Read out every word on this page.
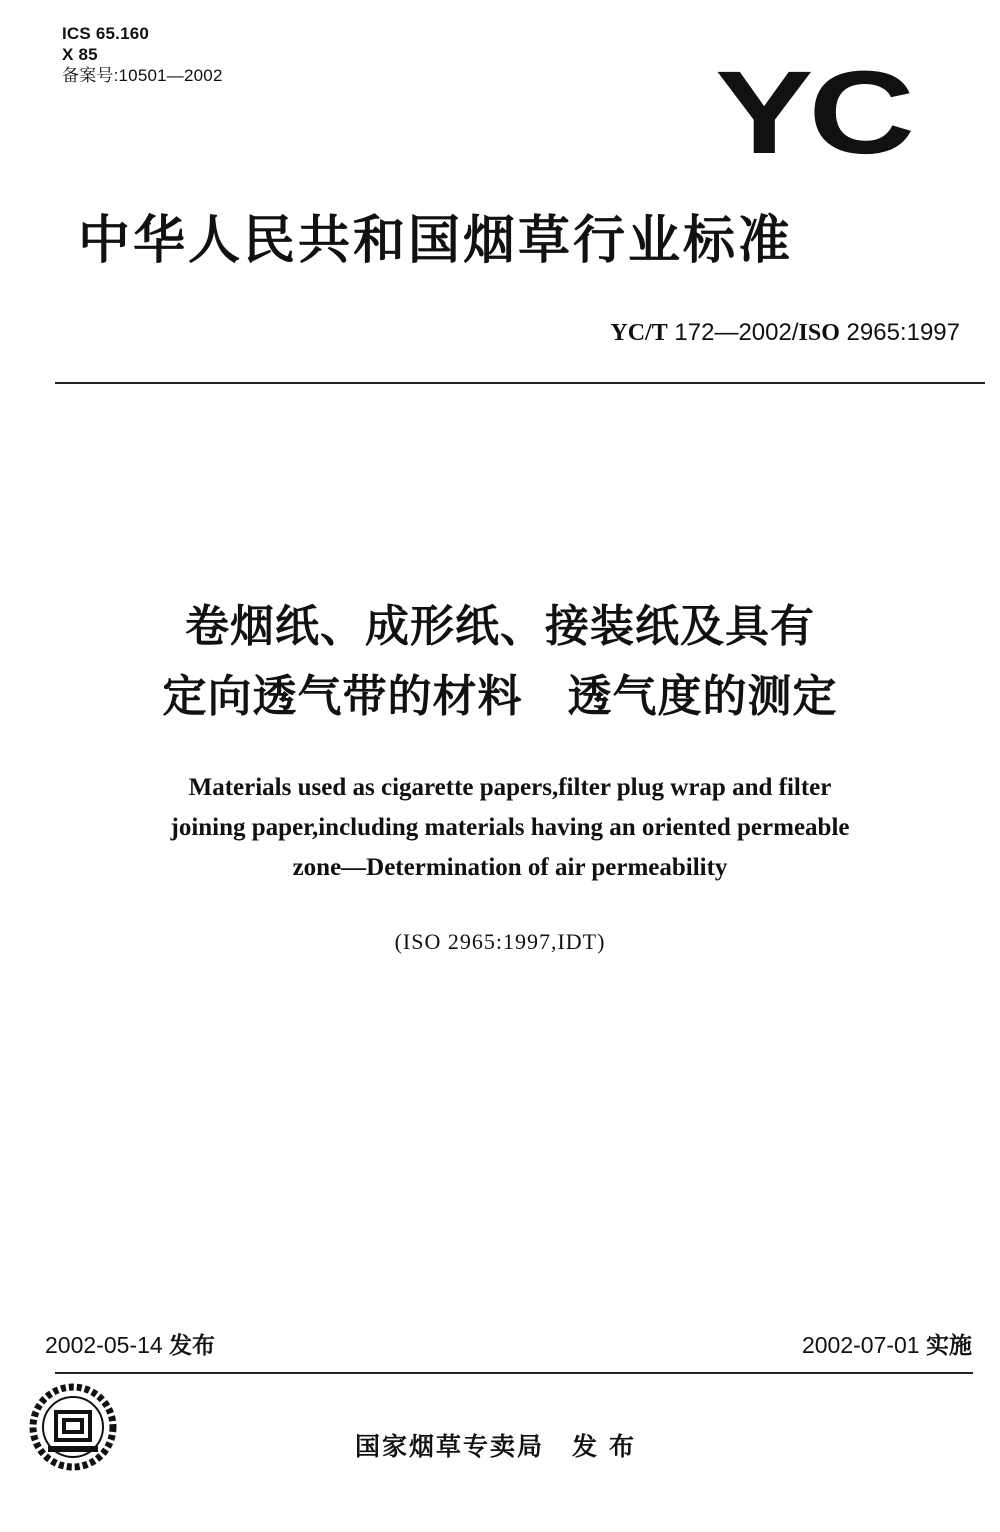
ICS 65.160
X 85
备案号:10501—2002	YC
中华人民共和国烟草行业标准
YC/T 172—2002/ISO 2965:1997
卷烟纸、成形纸、接装纸及具有
定向透气带的材料　透气度的测定
Materials used as cigarette papers,filter plug wrap and filter
joining paper,including materials having an oriented permeable
zone—Determination of air permeability
(ISO 2965:1997,IDT)
2002-05-14 发布	2002-07-01 实施
国家烟草专卖局 发布
